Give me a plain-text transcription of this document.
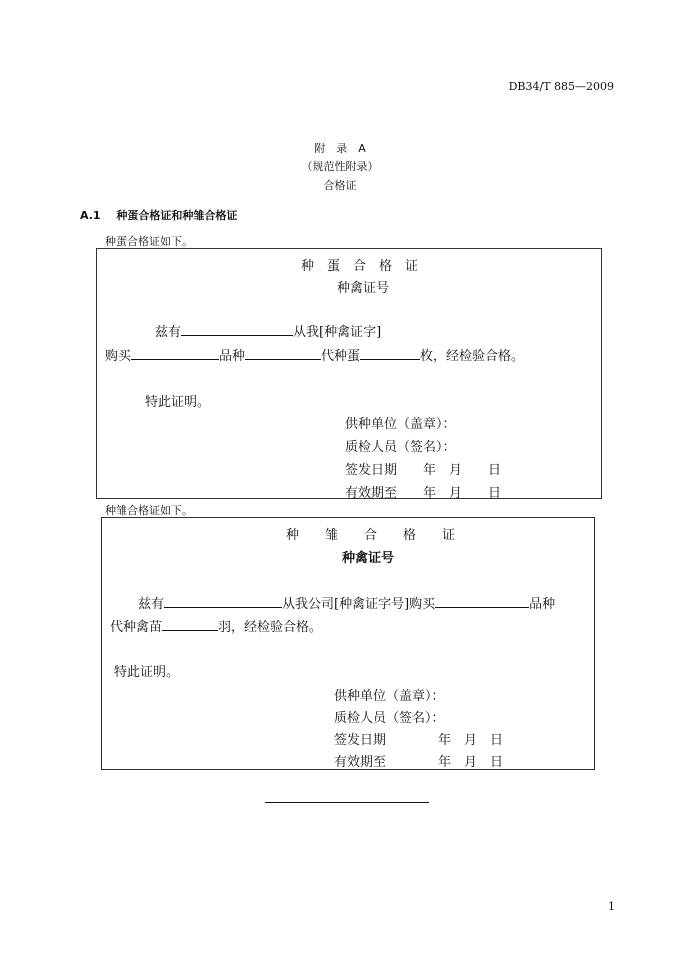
DB34/T 885—2009
附　录　A
（规范性附录）
合格证
A.1 种蛋合格证和种雏合格证
种蛋合格证如下。
种　蛋　合　格　证
种禽证号
兹有	从我[种禽证字]
购买	品种	代种蛋	枚，经检验合格。
特此证明。
供种单位（盖章）：
质检人员（签名）：
签发日期　　年　月　　日
有效期至　　年　月　　日
种雏合格证如下。
种　　雏　　合　　格　　证
种禽证号
兹有	从我公司[种禽证字号]购买	品种
代种禽苗	羽，经检验合格。
特此证明。
供种单位（盖章）：
质检人员（签名）：
签发日期　　　　年　月　日
有效期至　　　　年　月　日
1
